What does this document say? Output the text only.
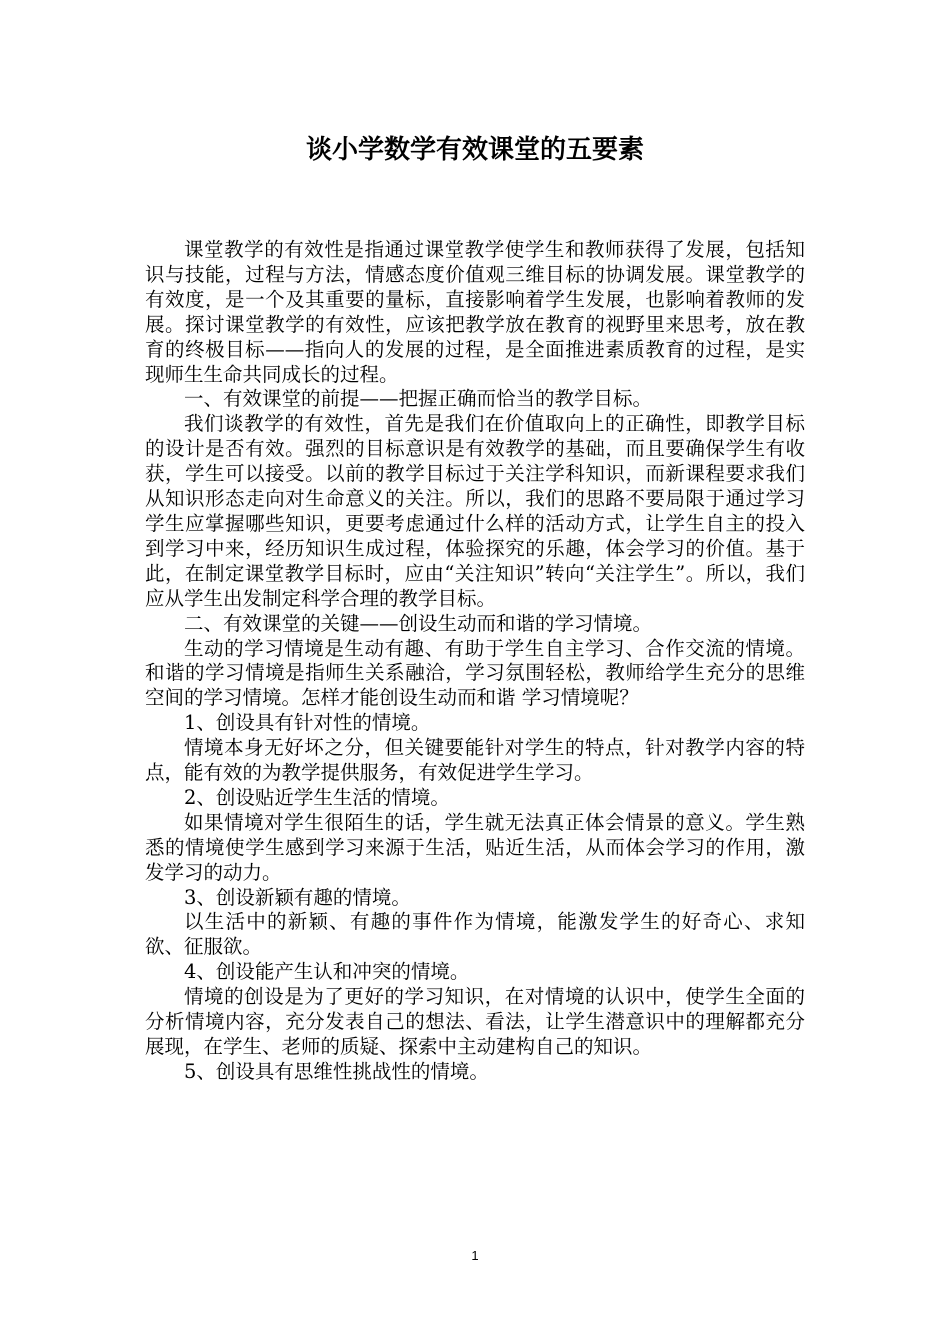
谈小学数学有效课堂的五要素

课堂教学的有效性是指通过课堂教学使学生和教师获得了发展，包括知识与技能，过程与方法，情感态度价值观三维目标的协调发展。课堂教学的有效度，是一个及其重要的量标，直接影响着学生发展，也影响着教师的发展。探讨课堂教学的有效性，应该把教学放在教育的视野里来思考，放在教育的终极目标——指向人的发展的过程，是全面推进素质教育的过程，是实现师生生命共同成长的过程。

一、有效课堂的前提——把握正确而恰当的教学目标。

我们谈教学的有效性，首先是我们在价值取向上的正确性，即教学目标的设计是否有效。强烈的目标意识是有效教学的基础，而且要确保学生有收获，学生可以接受。以前的教学目标过于关注学科知识，而新课程要求我们从知识形态走向对生命意义的关注。所以，我们的思路不要局限于通过学习学生应掌握哪些知识，更要考虑通过什么样的活动方式，让学生自主的投入到学习中来，经历知识生成过程，体验探究的乐趣，体会学习的价值。基于此，在制定课堂教学目标时，应由“关注知识”转向“关注学生”。所以，我们应从学生出发制定科学合理的教学目标。

二、有效课堂的关键——创设生动而和谐的学习情境。

生动的学习情境是生动有趣、有助于学生自主学习、合作交流的情境。和谐的学习情境是指师生关系融洽，学习氛围轻松，教师给学生充分的思维空间的学习情境。怎样才能创设生动而和谐 学习情境呢？

1、创设具有针对性的情境。

情境本身无好坏之分，但关键要能针对学生的特点，针对教学内容的特点，能有效的为教学提供服务，有效促进学生学习。

2、创设贴近学生生活的情境。

如果情境对学生很陌生的话，学生就无法真正体会情景的意义。学生熟悉的情境使学生感到学习来源于生活，贴近生活，从而体会学习的作用，激发学习的动力。

3、创设新颖有趣的情境。

以生活中的新颖、有趣的事件作为情境，能激发学生的好奇心、求知欲、征服欲。

4、创设能产生认和冲突的情境。

情境的创设是为了更好的学习知识，在对情境的认识中，使学生全面的分析情境内容，充分发表自己的想法、看法，让学生潜意识中的理解都充分展现，在学生、老师的质疑、探索中主动建构自己的知识。

5、创设具有思维性挑战性的情境。

1
